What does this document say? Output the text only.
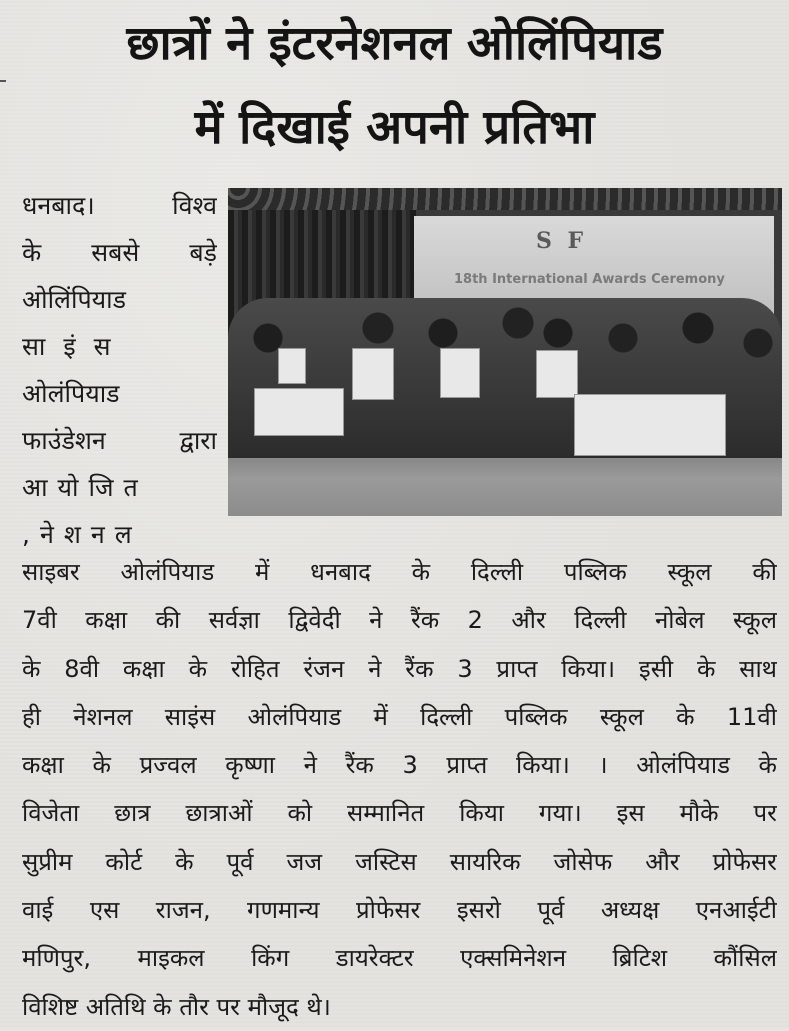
छात्रों ने इंटरनेशनल ओलिंपियाड
में दिखाई अपनी प्रतिभा
धनबाद। विश्व
के सबसे बड़े
ओलिंपियाड
साइंस
ओलंपियाड
फाउंडेशन द्वारा
आयोजित
,नेशनल
S F
18th International Awards Ceremony
साइबर ओलंपियाड में धनबाद के दिल्ली पब्लिक स्कूल की
7वी कक्षा की सर्वज्ञा द्विवेदी ने रैंक 2 और दिल्ली नोबेल स्कूल
के 8वी कक्षा के रोहित रंजन ने रैंक 3 प्राप्त किया। इसी के साथ
ही नेशनल साइंस ओलंपियाड में दिल्ली पब्लिक स्कूल के 11वी
कक्षा के प्रज्वल कृष्णा ने रैंक 3 प्राप्त किया। । ओलंपियाड के
विजेता छात्र छात्राओं को सम्मानित किया गया। इस मौके पर
सुप्रीम कोर्ट के पूर्व जज जस्टिस सायरिक जोसेफ और प्रोफेसर
वाई एस राजन, गणमान्य प्रोफेसर इसरो पूर्व अध्यक्ष एनआईटी
मणिपुर, माइकल किंग डायरेक्टर एक्समिनेशन ब्रिटिश कौंसिल
विशिष्ट अतिथि के तौर पर मौजूद थे।
